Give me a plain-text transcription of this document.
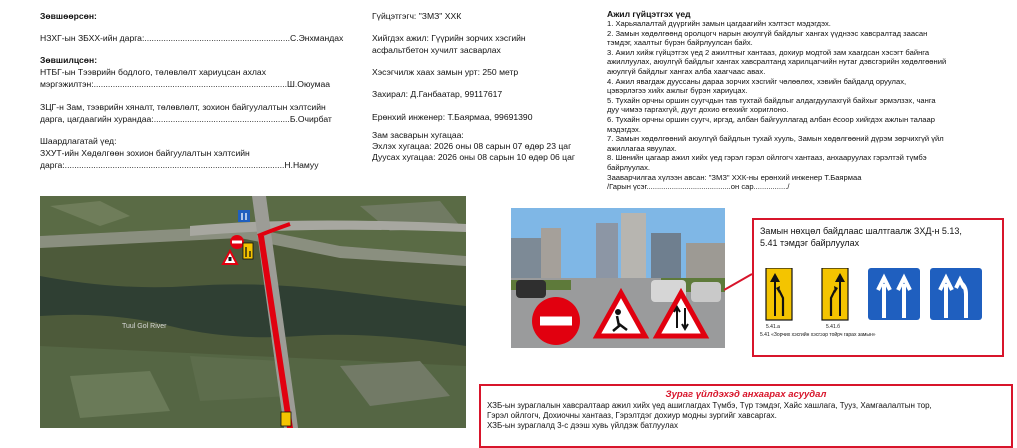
Зөвшөөрсөн:
НЗХГ-ын ЗБХХ-ийн дарга:.............................................................С.Энхмандах
Зөвшилцсөн:
НТБГ-ын Тээврийн бодлого, төлөвлөлт хариуцсан ахлах
мэргэжилтэн:.................................................................................Ш.Оюумаа
ЗЦГ-н Зам, тээврийн хяналт, төлөвлөлт, зохион байгуулалтын хэлтсийн
дарга, цагдаагийн хурандаа:.........................................................Б.Очирбат
Шаардлагатай үед:
ЗХУТ-ийн Хөдөлгөөн зохион байгуулалтын хэлтсийн
дарга:............................................................................................Н.Намуу
Гүйцэтгэгч: "ЗМЗ" ХХК
Хийгдэх ажил: Гүүрийн зорчих хэсгийн
асфальтбетон хучилт засварлах
Хэсэгчилж хаах замын урт: 250 метр
Захирал: Д.Ганбаатар, 99117617
Ерөнхий инженер: Т.Баярмаа, 99691390
Зам засварын хугацаа:
Эхлэх хугацаа: 2026 оны 08 сарын 07 өдөр 23 цаг
Дуусах хугацаа: 2026 оны 08 сарын 10 өдөр 06 цаг
Ажил гүйцэтгэх үед
1. Харьяалалтай дүүргийн замын цагдаагийн хэлтэст мэдэгдэх.
2. Замын хөдөлгөөнд оролцогч нарын аюулгүй байдлыг хангах үүднээс хавсралтад заасан
тэмдэг, хаалтыг бүрэн байрлуулсан байх.
3. Ажил хийж гүйцэтгэх үед 2 ажилтныг хантааз, дохиур модтой зам хаагдсан хэсэгт байнга
ажиллуулах, аюулгүй байдлыг хангах хавсралтанд харилцагчийн нутаг дэвсгэрийн хөдөлгөөний
аюулгүй байдлыг хангах алба хаагчаас авах.
4. Ажил явагдаж дууссаны дараа зорчих хэсгийг чөлөөлөх, хэвийн байдалд оруулах,
цэвэрлэгээ хийх ажлыг бүрэн хариуцах.
5. Тухайн орчны оршин суугчдын тав тухтай байдлыг алдагдуулахгүй байхыг эрмэлзэх, чанга
дуу чимээ гаргахгүй, дуут дохио өгөхийг хориглоно.
6. Тухайн орчны оршин суугч, иргэд, албан байгууллагад албан ёсоор хийгдэх ажлын талаар
мэдэгдэх.
7. Замын хөдөлгөөний аюулгүй байдлын тухай хууль, Замын хөдөлгөөний дүрэм зөрчихгүй үйл
ажиллагаа явуулах.
8. Шөнийн цагаар ажил хийх үед гэрэл гэрэл ойлгогч хантааз, анхааруулах гэрэлтэй түмбэ
байрлуулах.
Зааварчилгаа хүлээн авсан: "ЗМЗ" ХХК-ны ерөнхий инженер Т.Баярмаа
/Гарын үсэг........................................он сар................/
Tuul Gol River
Замын нөхцөл байдлаас шалтгаалж ЗХД-н 5.13,
5.41 тэмдэг байрлуулах
5.41.a	5.41.б
5.41 «Зорчих хэсгийн хэсгээр тойрч гарах замын»
Зураг үйлдэхэд анхаарах асуудал
ХЗБ-ын зураглалын хавсралтаар ажил хийх үед ашиглагдах Түмбэ, Түр тэмдэг, Хайс хашлага, Тууз, Хамгаалалтын тор,
Гэрэл ойлгогч, Дохиочны хантааз, Гэрэлтдэг дохиур модны зургийг хавсаргах.
ХЗБ-ын зураглалд 3-с дээш хувь үйлдэж батлуулах
